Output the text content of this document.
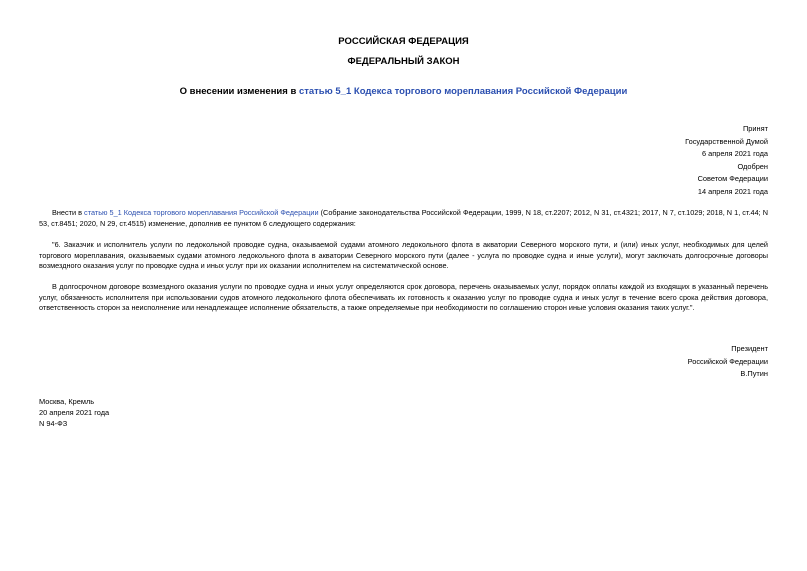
РОССИЙСКАЯ ФЕДЕРАЦИЯ
ФЕДЕРАЛЬНЫЙ ЗАКОН
О внесении изменения в статью 5_1 Кодекса торгового мореплавания Российской Федерации
Принят
Государственной Думой
6 апреля 2021 года
Одобрен
Советом Федерации
14 апреля 2021 года
Внести в статью 5_1 Кодекса торгового мореплавания Российской Федерации (Собрание законодательства Российской Федерации, 1999, N 18, ст.2207; 2012, N 31, ст.4321; 2017, N 7, ст.1029; 2018, N 1, ст.44; N 53, ст.8451; 2020, N 29, ст.4515) изменение, дополнив ее пунктом 6 следующего содержания:
"6. Заказчик и исполнитель услуги по ледокольной проводке судна, оказываемой судами атомного ледокольного флота в акватории Северного морского пути, и (или) иных услуг, необходимых для целей торгового мореплавания, оказываемых судами атомного ледокольного флота в акватории Северного морского пути (далее - услуга по проводке судна и иные услуги), могут заключать долгосрочные договоры возмездного оказания услуг по проводке судна и иных услуг при их оказании исполнителем на систематической основе.
В долгосрочном договоре возмездного оказания услуги по проводке судна и иных услуг определяются срок договора, перечень оказываемых услуг, порядок оплаты каждой из входящих в указанный перечень услуг, обязанность исполнителя при использовании судов атомного ледокольного флота обеспечивать их готовность к оказанию услуг по проводке судна и иных услуг в течение всего срока действия договора, ответственность сторон за неисполнение или ненадлежащее исполнение обязательств, а также определяемые при необходимости по соглашению сторон иные условия оказания таких услуг.".
Президент
Российской Федерации
В.Путин
Москва, Кремль
20 апреля 2021 года
N 94-ФЗ
